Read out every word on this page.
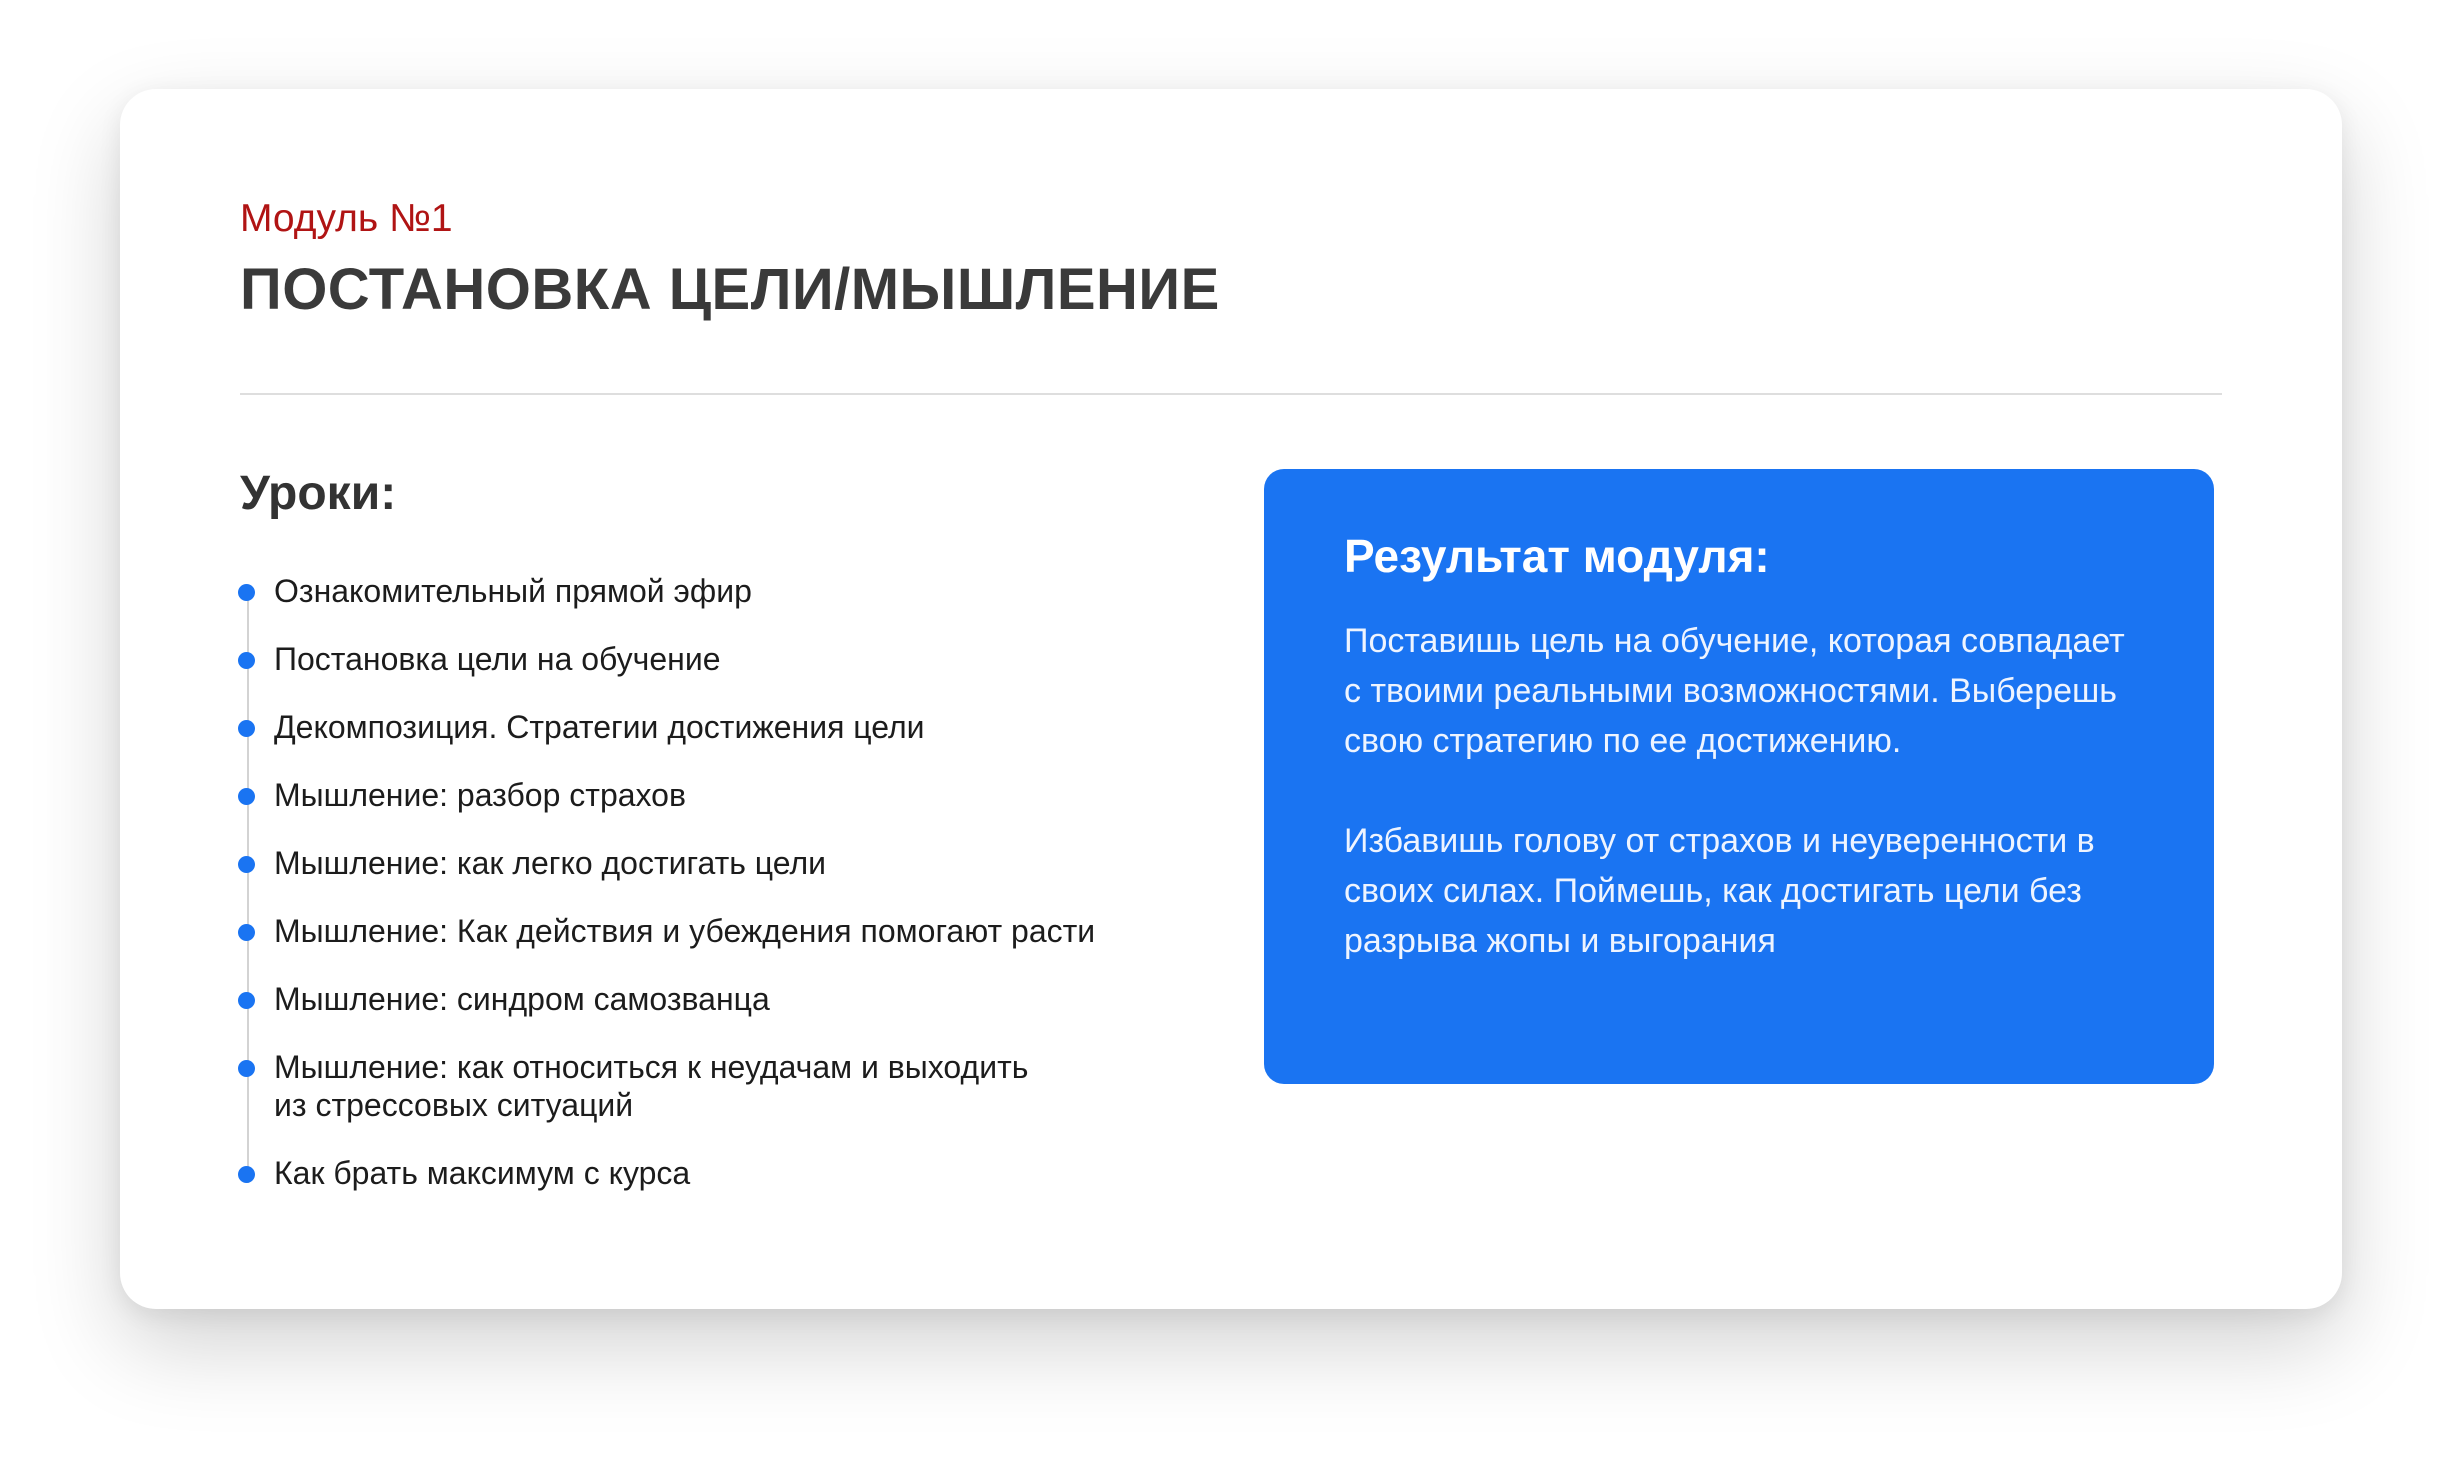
Модуль №1

ПОСТАНОВКА ЦЕЛИ/МЫШЛЕНИЕ
Уроки:
Ознакомительный прямой эфир
Постановка цели на обучение
Декомпозиция. Стратегии достижения цели
Мышление: разбор страхов
Мышление: как легко достигать цели
Мышление: Как действия и убеждения помогают расти
Мышление: синдром самозванца
Мышление: как относиться к неудачам и выходить
из стрессовых ситуаций
Как брать максимум с курса
Результат модуля:

Поставишь цель на обучение, которая совпадает с твоими реальными возможностями. Выберешь свою стратегию по ее достижению.

Избавишь голову от страхов и неуверенности в своих силах. Поймешь, как достигать цели без разрыва жопы и выгорания
